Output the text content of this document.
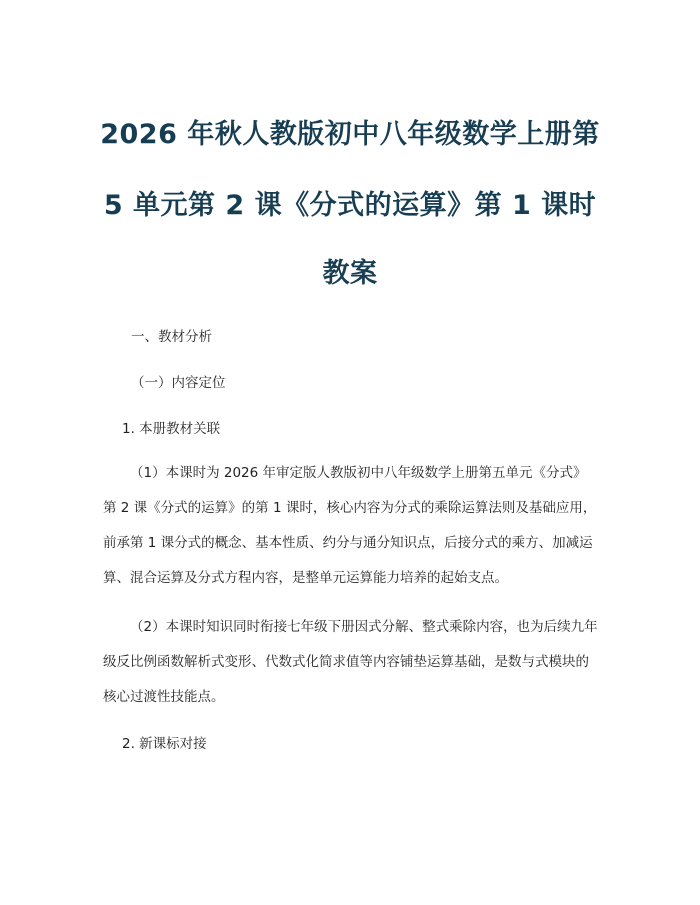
2026 年秋人教版初中八年级数学上册第
5 单元第 2 课《分式的运算》第 1 课时
教案
一、教材分析
（一）内容定位
1. 本册教材关联
（1）本课时为 2026 年审定版人教版初中八年级数学上册第五单元《分式》第 2 课《分式的运算》的第 1 课时，核心内容为分式的乘除运算法则及基础应用，前承第 1 课分式的概念、基本性质、约分与通分知识点，后接分式的乘方、加减运算、混合运算及分式方程内容，是整单元运算能力培养的起始支点。
（2）本课时知识同时衔接七年级下册因式分解、整式乘除内容，也为后续九年级反比例函数解析式变形、代数式化简求值等内容铺垫运算基础，是数与式模块的核心过渡性技能点。
2. 新课标对接
